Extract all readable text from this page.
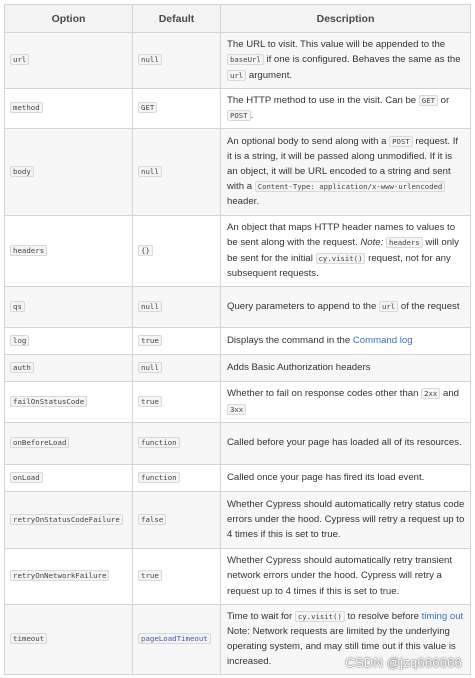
Option	Default	Description
url	null	The URL to visit. This value will be appended to the baseUrl if one is configured. Behaves the same as the url argument.
method	GET	The HTTP method to use in the visit. Can be GET or POST .
body	null	An optional body to send along with a POST request. If it is a string, it will be passed along unmodified. If it is an object, it will be URL encoded to a string and sent with a Content-Type: application/x-www-urlencoded header.
headers	{}	An object that maps HTTP header names to values to be sent along with the request. Note: headers will only be sent for the initial cy.visit() request, not for any subsequent requests.
qs	null	Query parameters to append to the url of the request
log	true	Displays the command in the Command log
auth	null	Adds Basic Authorization headers
failOnStatusCode	true	Whether to fail on response codes other than 2xx and 3xx
onBeforeLoad	function	Called before your page has loaded all of its resources.
onLoad	function	Called once your page has fired its load event.
retryOnStatusCodeFailure	false	Whether Cypress should automatically retry status code errors under the hood. Cypress will retry a request up to 4 times if this is set to true.
retryOnNetworkFailure	true	Whether Cypress should automatically retry transient network errors under the hood. Cypress will retry a request up to 4 times if this is set to true.
timeout	pageLoadTimeout	Time to wait for cy.visit() to resolve before timing out Note: Network requests are limited by the underlying operating system, and may still time out if this value is increased.	CSDN @jzq666666
